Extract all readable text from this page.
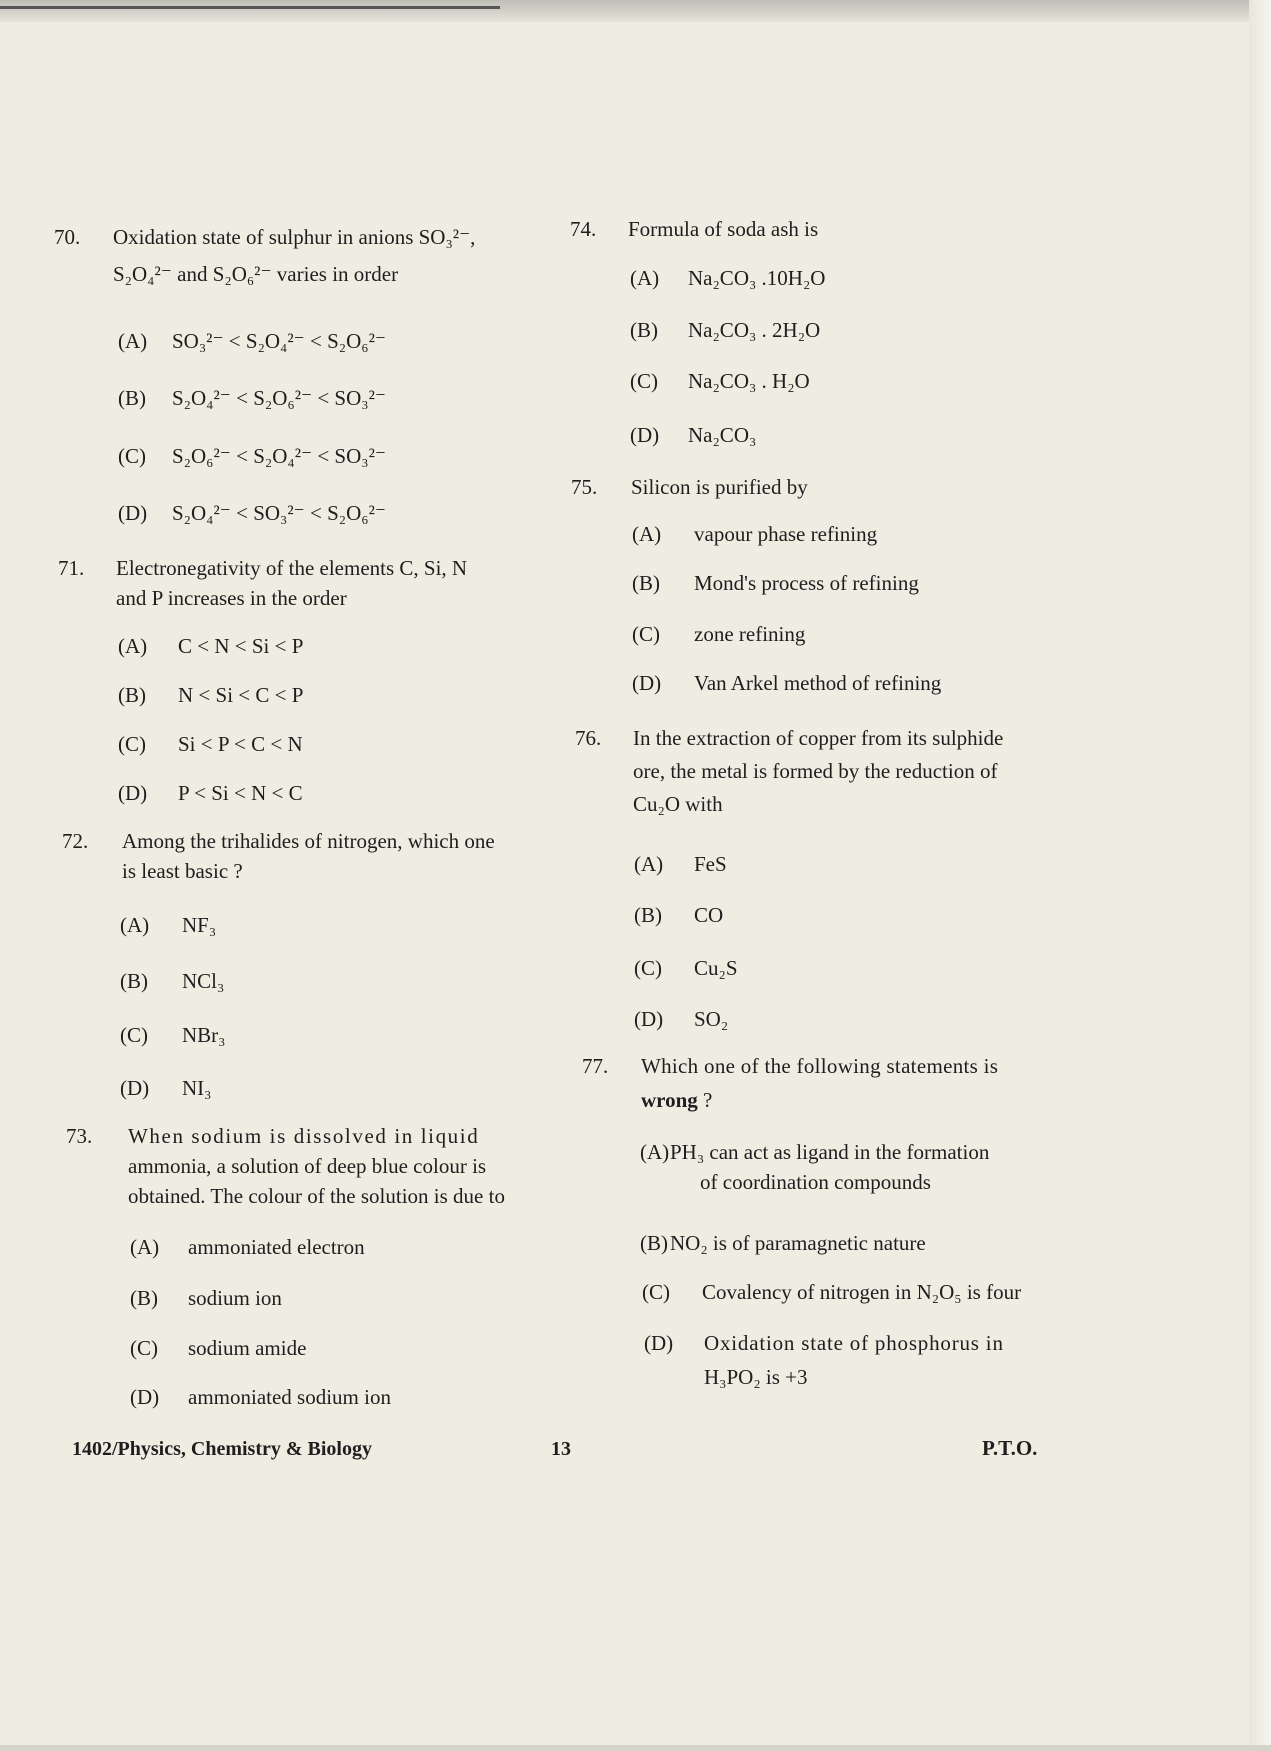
70. Oxidation state of sulphur in anions SO₃²⁻,
S₂O₄²⁻ and S₂O₆²⁻ varies in order
(A) SO₃²⁻ < S₂O₄²⁻ < S₂O₆²⁻
(B) S₂O₄²⁻ < S₂O₆²⁻ < SO₃²⁻
(C) S₂O₆²⁻ < S₂O₄²⁻ < SO₃²⁻
(D) S₂O₄²⁻ < SO₃²⁻ < S₂O₆²⁻
71. Electronegativity of the elements C, Si, N
and P increases in the order
(A) C < N < Si < P
(B) N < Si < C < P
(C) Si < P < C < N
(D) P < Si < N < C
72. Among the trihalides of nitrogen, which one
is least basic ?
(A) NF₃
(B) NCl₃
(C) NBr₃
(D) NI₃
73. When sodium is dissolved in liquid
ammonia, a solution of deep blue colour is
obtained. The colour of the solution is due to
(A) ammoniated electron
(B) sodium ion
(C) sodium amide
(D) ammoniated sodium ion
74. Formula of soda ash is
(A) Na₂CO₃ .10H₂O
(B) Na₂CO₃ . 2H₂O
(C) Na₂CO₃ . H₂O
(D) Na₂CO₃
75. Silicon is purified by
(A) vapour phase refining
(B) Mond's process of refining
(C) zone refining
(D) Van Arkel method of refining
76. In the extraction of copper from its sulphide
ore, the metal is formed by the reduction of
Cu₂O with
(A) FeS
(B) CO
(C) Cu₂S
(D) SO₂
77. Which one of the following statements is
wrong ?
(A) PH₃ can act as ligand in the formation
of coordination compounds
(B) NO₂ is of paramagnetic nature
(C) Covalency of nitrogen in N₂O₅ is four
(D) Oxidation state of phosphorus in
H₃PO₂ is +3
1402/Physics, Chemistry & Biology	13	P.T.O.
